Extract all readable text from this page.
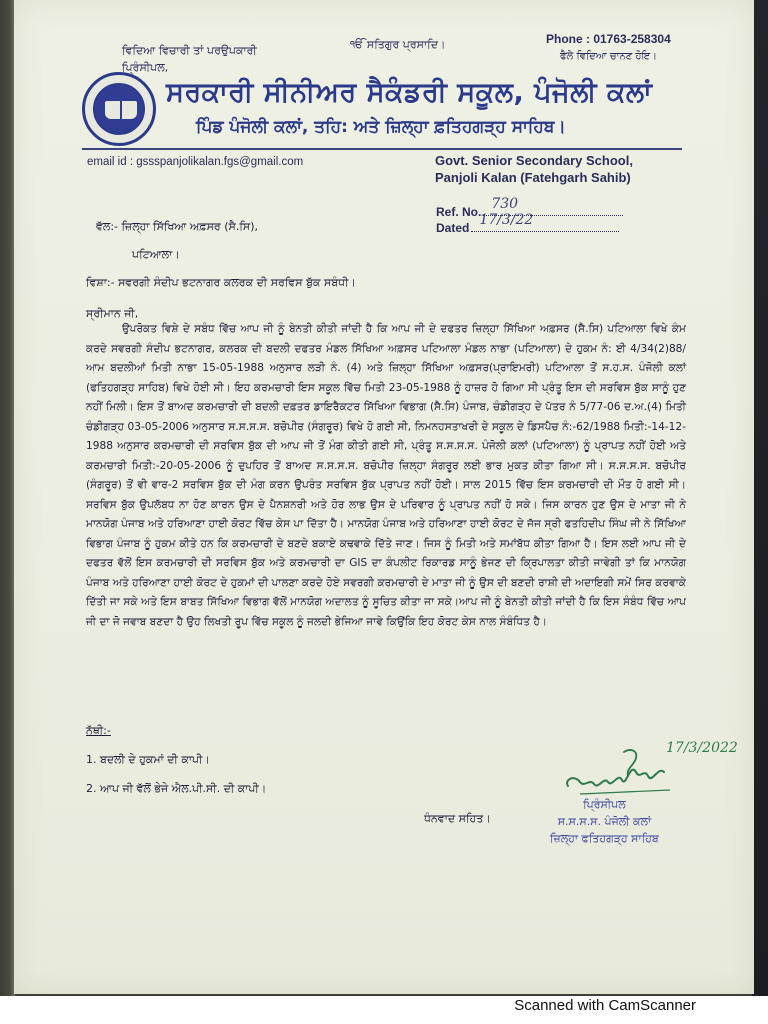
ਵਿਦਿਆ ਵਿਚਾਰੀ ਤਾਂ ਪਰਉਪਕਾਰੀ
ਪ੍ਰਿੰਸੀਪਲ,
ੴ ਸਤਿਗੁਰ ਪ੍ਰਸਾਦਿ।	Phone : 01763-258304
ਫੈਲੇ ਵਿਦਿਆ ਚਾਨਣ ਹੋਇ।
ਪੰਜੋਲੀ ਕਲਾਂ
ਸਰਕਾਰੀ ਸੀਨੀਅਰ ਸੈਕੰਡਰੀ ਸਕੂਲ, ਪੰਜੋਲੀ ਕਲਾਂ
ਪਿੰਡ ਪੰਜੋਲੀ ਕਲਾਂ, ਤਹਿ: ਅਤੇ ਜ਼ਿਲ੍ਹਾ ਫ਼ਤਿਹਗੜ੍ਹ ਸਾਹਿਬ।
email id : gssspanjolikalan.fgs@gmail.com	Govt. Senior Secondary School,
Panjoli Kalan (Fatehgarh Sahib)
Ref. No. 730
Dated 17/3/22
ਵੱਲ:- ਜ਼ਿਲ੍ਹਾ ਸਿੱਖਿਆ ਅਫ਼ਸਰ (ਸੈ.ਸਿ),
ਪਟਿਆਲਾ।
ਵਿਸ਼ਾ:- ਸਵਰਗੀ ਸੰਦੀਪ ਭਟਨਾਗਰ ਕਲਰਕ ਦੀ ਸਰਵਿਸ ਬੁੱਕ ਸਬੰਧੀ।
ਸ੍ਰੀਮਾਨ ਜੀ,
ਉਪਰੋਕਤ ਵਿਸ਼ੇ ਦੇ ਸਬੰਧ ਵਿੱਚ ਆਪ ਜੀ ਨੂੰ ਬੇਨਤੀ ਕੀਤੀ ਜਾਂਦੀ ਹੈ ਕਿ ਆਪ ਜੀ ਦੇ ਦਫਤਰ ਜ਼ਿਲ੍ਹਾ ਸਿੱਖਿਆ ਅਫ਼ਸਰ (ਸੈ.ਸਿ) ਪਟਿਆਲਾ ਵਿਖੇ ਕੰਮ ਕਰਦੇ ਸਵਰਗੀ ਸੰਦੀਪ ਭਟਨਾਗਰ, ਕਲਰਕ ਦੀ ਬਦਲੀ ਦਫਤਰ ਮੰਡਲ ਸਿੱਖਿਆ ਅਫ਼ਸਰ ਪਟਿਆਲਾ ਮੰਡਲ ਨਾਭਾ (ਪਟਿਆਲਾ) ਦੇ ਹੁਕਮ ਨੰ: ਈ 4/34(2)88/ਆਮ ਬਦਲੀਆਂ ਮਿਤੀ ਨਾਭਾ 15-05-1988 ਅਨੁਸਾਰ ਲੜੀ ਨੰ. (4) ਅਤੇ ਜ਼ਿਲ੍ਹਾ ਸਿੱਖਿਆ ਅਫ਼ਸਰ(ਪ੍ਰਾਇਮਰੀ) ਪਟਿਆਲਾ ਤੋਂ ਸ.ਹ.ਸ. ਪੰਜੋਲੀ ਕਲਾਂ (ਫਤਿਹਗੜ੍ਹ ਸਾਹਿਬ) ਵਿਖੇ ਹੋਈ ਸੀ। ਇਹ ਕਰਮਚਾਰੀ ਇਸ ਸਕੂਲ ਵਿੱਚ ਮਿਤੀ 23-05-1988 ਨੂੰ ਹਾਜ਼ਰ ਹੋ ਗਿਆ ਸੀ ਪ੍ਰੰਤੂ ਇਸ ਦੀ ਸਰਵਿਸ ਬੁੱਕ ਸਾਨੂੰ ਹੁਣ ਨਹੀਂ ਮਿਲੀ। ਇਸ ਤੋਂ ਬਾਅਦ ਕਰਮਚਾਰੀ ਦੀ ਬਦਲੀ ਦਫ਼ਤਰ ਡਾਇਰੈਕਟਰ ਸਿੱਖਿਆ ਵਿਭਾਗ (ਸੈ.ਸਿ) ਪੰਜਾਬ, ਚੰਡੀਗੜ੍ਹ ਦੇ ਪੱਤਰ ਨੰ 5/77-06 ਦ.ਅ.(4) ਮਿਤੀ ਚੰਡੀਗੜ੍ਹ 03-05-2006 ਅਨੁਸਾਰ ਸ.ਸ.ਸ.ਸ. ਬਚੋਪੀਰ (ਸੰਗਰੂਰ) ਵਿਖੇ ਹੋ ਗਈ ਸੀ, ਨਿਮਨਹਸਤਾਖਰੀ ਦੇ ਸਕੂਲ ਦੇ ਡਿਸਪੈਚ ਨੰ:-62/1988 ਮਿਤੀ:-14-12-1988 ਅਨੁਸਾਰ ਕਰਮਚਾਰੀ ਦੀ ਸਰਵਿਸ ਬੁੱਕ ਦੀ ਆਪ ਜੀ ਤੋਂ ਮੰਗ ਕੀਤੀ ਗਈ ਸੀ, ਪ੍ਰੰਤੂ ਸ.ਸ.ਸ.ਸ. ਪੰਜੋਲੀ ਕਲਾਂ (ਪਟਿਆਲਾ) ਨੂੰ ਪ੍ਰਾਪਤ ਨਹੀਂ ਹੋਈ ਅਤੇ ਕਰਮਚਾਰੀ ਮਿਤੀ:-20-05-2006 ਨੂੰ ਦੁਪਹਿਰ ਤੋਂ ਬਾਅਦ ਸ.ਸ.ਸ.ਸ. ਬਚੋਪੀਰ ਜ਼ਿਲ੍ਹਾ ਸੰਗਰੂਰ ਲਈ ਭਾਰ ਮੁਕਤ ਕੀਤਾ ਗਿਆ ਸੀ। ਸ.ਸ.ਸ.ਸ. ਬਚੋਪੀਰ (ਸੰਗਰੂਰ) ਤੋਂ ਵੀ ਵਾਰ-2 ਸਰਵਿਸ ਬੁੱਕ ਦੀ ਮੰਗ ਕਰਨ ਉਪਰੰਤ ਸਰਵਿਸ ਬੁੱਕ ਪ੍ਰਾਪਤ ਨਹੀਂ ਹੋਈ। ਸਾਲ 2015 ਵਿੱਚ ਇਸ ਕਰਮਚਾਰੀ ਦੀ ਮੌਤ ਹੋ ਗਈ ਸੀ। ਸਰਵਿਸ ਬੁੱਕ ਉਪਲੱਬਧ ਨਾ ਹੋਣ ਕਾਰਨ ਉਸ ਦੇ ਪੈਨਸ਼ਨਰੀ ਅਤੇ ਹੋਰ ਲਾਭ ਉਸ ਦੇ ਪਰਿਵਾਰ ਨੂੰ ਪ੍ਰਾਪਤ ਨਹੀਂ ਹੋ ਸਕੇ। ਜਿਸ ਕਾਰਨ ਹੁਣ ਉਸ ਦੇ ਮਾਤਾ ਜੀ ਨੇ ਮਾਨਯੋਗ ਪੰਜਾਬ ਅਤੇ ਹਰਿਆਣਾ ਹਾਈ ਕੋਰਟ ਵਿੱਚ ਕੇਸ ਪਾ ਦਿੱਤਾ ਹੈ। ਮਾਨਯੋਗ ਪੰਜਾਬ ਅਤੇ ਹਰਿਆਣਾ ਹਾਈ ਕੋਰਟ ਦੇ ਜੱਜ ਸ੍ਰੀ ਫਤਹਿਦੀਪ ਸਿੰਘ ਜੀ ਨੇ ਸਿੱਖਿਆ ਵਿਭਾਗ ਪੰਜਾਬ ਨੂੰ ਹੁਕਮ ਕੀਤੇ ਹਨ ਕਿ ਕਰਮਚਾਰੀ ਦੇ ਬਣਦੇ ਬਕਾਏ ਕਢਵਾਕੇ ਦਿੱਤੇ ਜਾਣ। ਜਿਸ ਨੂੰ ਮਿਤੀ ਅਤੇ ਸਮਾਂਬੱਧ ਕੀਤਾ ਗਿਆ ਹੈ। ਇਸ ਲਈ ਆਪ ਜੀ ਦੇ ਦਫਤਰ ਵੱਲੋਂ ਇਸ ਕਰਮਚਾਰੀ ਦੀ ਸਰਵਿਸ ਬੁੱਕ ਅਤੇ ਕਰਮਚਾਰੀ ਦਾ GIS ਦਾ ਕੰਪਲੀਟ ਰਿਕਾਰਡ ਸਾਨੂੰ ਭੇਜਣ ਦੀ ਕ੍ਰਿਪਾਲਤਾ ਕੀਤੀ ਜਾਵੇਗੀ ਤਾਂ ਕਿ ਮਾਨਯੋਗ ਪੰਜਾਬ ਅਤੇ ਹਰਿਆਣਾ ਹਾਈ ਕੋਰਟ ਦੇ ਹੁਕਮਾਂ ਦੀ ਪਾਲਣਾ ਕਰਦੇ ਹੋਏ ਸਵਰਗੀ ਕਰਮਚਾਰੀ ਦੇ ਮਾਤਾ ਜੀ ਨੂੰ ਉਸ ਦੀ ਬਣਦੀ ਰਾਸ਼ੀ ਦੀ ਅਦਾਇਗੀ ਸਮੇਂ ਸਿਰ ਕਰਵਾਕੇ ਦਿੱਤੀ ਜਾ ਸਕੇ ਅਤੇ ਇਸ ਬਾਬਤ ਸਿੱਖਿਆ ਵਿਭਾਗ ਵੱਲੋਂ ਮਾਨਯੋਗ ਅਦਾਲਤ ਨੂੰ ਸੂਚਿਤ ਕੀਤਾ ਜਾ ਸਕੇ।ਆਪ ਜੀ ਨੂੰ ਬੇਨਤੀ ਕੀਤੀ ਜਾਂਦੀ ਹੈ ਕਿ ਇਸ ਸੰਬੰਧ ਵਿੱਚ ਆਪ ਜੀ ਦਾ ਜੋ ਜਵਾਬ ਬਣਦਾ ਹੈ ਉਹ ਲਿਖਤੀ ਰੂਪ ਵਿੱਚ ਸਕੂਲ ਨੂੰ ਜਲਦੀ ਭੇਜਿਆ ਜਾਵੇ ਕਿਉਂਕਿ ਇਹ ਕੋਰਟ ਕੇਸ ਨਾਲ ਸੰਬੰਧਿਤ ਹੈ।
ਨੱਥੀ:-
1. ਬਦਲੀ ਦੇ ਹੁਕਮਾਂ ਦੀ ਕਾਪੀ।
2. ਆਪ ਜੀ ਵੱਲੋਂ ਭੇਜੇ ਐਲ.ਪੀ.ਸੀ. ਦੀ ਕਾਪੀ।
ਧੰਨਵਾਦ ਸਹਿਤ।
17/3/2022
ਪ੍ਰਿੰਸੀਪਲ
ਸ.ਸ.ਸ.ਸ. ਪੰਜੋਲੀ ਕਲਾਂ
ਜ਼ਿਲ੍ਹਾ ਫਤਿਹਗੜ੍ਹ ਸਾਹਿਬ
Scanned with CamScanner
